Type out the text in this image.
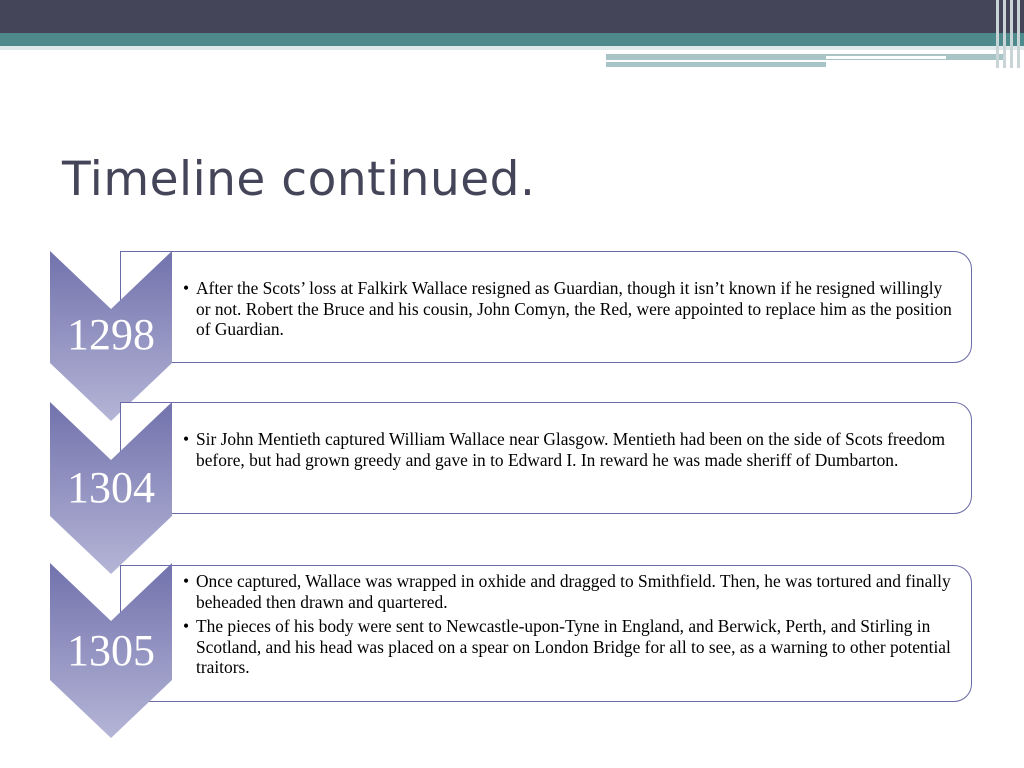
Timeline continued.
• After the Scots’ loss at Falkirk Wallace resigned as Guardian, though it isn’t known if he resigned willingly or not. Robert the Bruce and his cousin, John Comyn, the Red, were appointed to replace him as the position of Guardian.
1298
• Sir John Mentieth captured William Wallace near Glasgow. Mentieth had been on the side of Scots freedom before, but had grown greedy and gave in to Edward I. In reward he was made sheriff of Dumbarton.
1304
• Once captured, Wallace was wrapped in oxhide and dragged to Smithfield. Then, he was tortured and finally beheaded then drawn and quartered.
• The pieces of his body were sent to Newcastle-upon-Tyne in England, and Berwick, Perth, and Stirling in Scotland, and his head was placed on a spear on London Bridge for all to see, as a warning to other potential traitors.
1305
